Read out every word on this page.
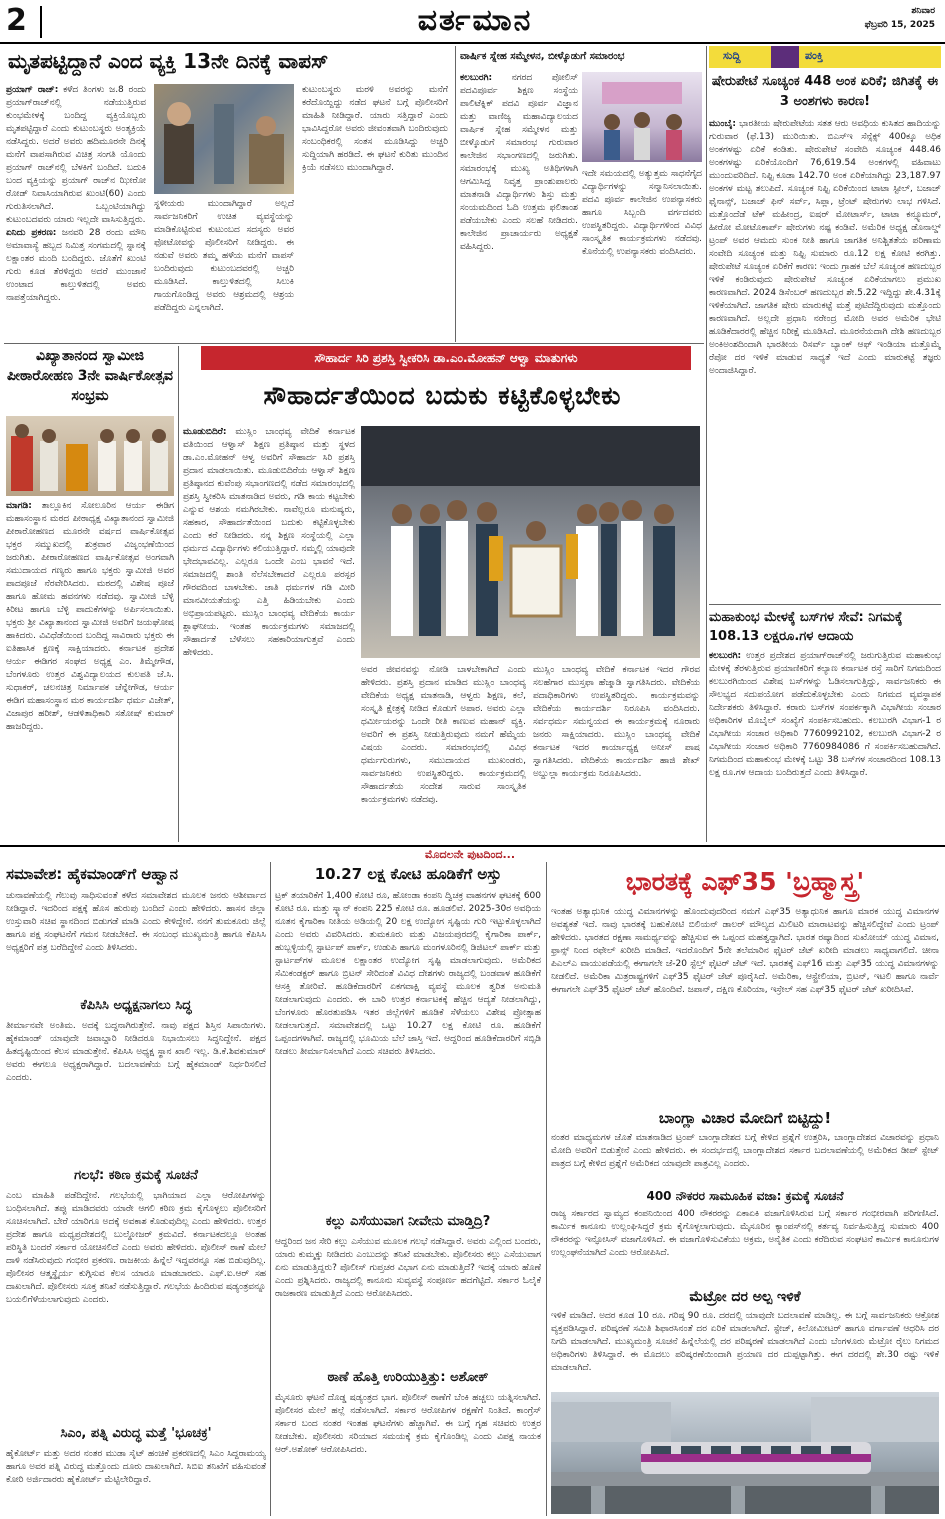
2	ವರ್ತಮಾನ	ಶನಿವಾರ
ಫೆಬ್ರವರಿ 15, 2025
ಮೃತಪಟ್ಟಿದ್ದಾನೆ ಎಂದ ವ್ಯಕ್ತಿ 13ನೇ ದಿನಕ್ಕೆ ವಾಪಸ್
ಪ್ರಯಾಗ್ ರಾಜ್: ಕಳೆದ ತಿಂಗಳು ಜ.8 ರಂದು ಪ್ರಯಾಗ್‌ರಾಜ್‌ನಲ್ಲಿ ನಡೆಯುತ್ತಿರುವ ಕುಂಭಮೇಳಕ್ಕೆ ಬಂದಿದ್ದ ವ್ಯಕ್ತಿಯೊಬ್ಬರು ಮೃತಪಟ್ಟಿದ್ದಾರೆ ಎಂದು ಕುಟುಂಬಸ್ಥರು ಅಂತ್ಯಕ್ರಿಯೆ ನಡೆಸಿದ್ದರು. ಅದರೆ ಅವರು ಹದಿಮೂರನೇ ದಿನಕ್ಕೆ ಮನೆಗೆ ವಾಪಸಾಗಿರುವ ವಿಚಿತ್ರ ಸಂಗತಿ ಯೊಂದು ಪ್ರಯಾಗ್ ರಾಜ್‌ನಲ್ಲಿ ಬೆಳಕಿಗೆ ಬಂದಿದೆ. ಬದುಕಿ ಬಂದ ವ್ಯಕ್ತಿಯನ್ನು ಪ್ರಯಾಗ್ ರಾಜ್‌ನ ಝೀರೋ ರೋಡ್ ನಿವಾಸಿಯಾಗಿರುವ ಖುಂಟಿ(60) ಎಂದು ಗುರುತಿಸಲಾಗಿದೆ. ಒಬ್ಬಂಟಿಯಾಗಿದ್ದು ಕುಟುಂಬದವರು ಯಾರು ಇಲ್ಲದೇ ವಾಸಿಸುತ್ತಿದ್ದರು.
ಏನಿದು ಪ್ರಕರಣ: ಜನವರಿ 28 ರಂದು ಮೌನಿ ಅಮಾವಾಸ್ಯೆ ಹಬ್ಬದ ನಿಮಿತ್ತ ಸಂಗಮದಲ್ಲಿ ಸ್ನಾನಕ್ಕೆ ಲಕ್ಷಾಂತರ ಮಂದಿ ಬಂದಿದ್ದರು. ಜೊತೆಗೆ ಖುಂಟಿ ಗುರು ಕೂಡ ತೆರಳಿದ್ದರು ಅದರೆ ಮುಂಜಾನೆ ಉಂಟಾದ ಕಾಲ್ತುಳಿತದಲ್ಲಿ ಅವರು ನಾಪತ್ತೆಯಾಗಿದ್ದರು.
ಸ್ಥಳೀಯರು ಮುಂದಾಗಿದ್ದಾರೆ ಅಲ್ಲದೆ ಸಾರ್ವಜನಿಕರಿಗೆ ಉಚಿತ ವ್ಯವಸ್ಥೆಯನ್ನು ಮಾಡಿಕೊಟ್ಟಿರುವ ಕುಟುಂಬದ ಸದಸ್ಯರು ಅವರ ಫೋಟೋವನ್ನು ಪೊಲೀಸರಿಗೆ ನೀಡಿದ್ದರು. ಈ ನಡುವೆ ಅವರು ತಮ್ಮ ಹಳೆಯ ಮನೆಗೆ ವಾಪಸ್ ಬಂದಿರುವುದು ಕುಟುಂಬದವರಲ್ಲಿ ಅಚ್ಚರಿ ಮೂಡಿಸಿದೆ. ಕಾಲ್ತುಳಿತದಲ್ಲಿ ಸಿಲುಕಿ ಗಾಯಗೊಂಡಿದ್ದ ಅವರು ಆಶ್ರಮದಲ್ಲಿ ಆಶ್ರಯ ಪಡೆದಿದ್ದರು ಎನ್ನಲಾಗಿದೆ.
ಕುಟುಂಬಸ್ಥರು ಮರಳಿ ಅವರನ್ನು ಮನೆಗೆ ಕರೆದೊಯ್ದಿದ್ದು ನಡೆದ ಘಟನೆ ಬಗ್ಗೆ ಪೊಲೀಸರಿಗೆ ಮಾಹಿತಿ ನೀಡಿದ್ದಾರೆ. ಯಾರು ಸತ್ತಿದ್ದಾರೆ ಎಂದು ಭಾವಿಸಿದ್ದರೋ ಅವರು ಜೀವಂತವಾಗಿ ಬಂದಿರುವುದು ಸಂಬಂಧಿಕರಲ್ಲಿ ಸಂತಸ ಮೂಡಿಸಿದ್ದು ಅಚ್ಚರಿ ಸುದ್ದಿಯಾಗಿ ಹರಡಿದೆ. ಈ ಘಟನೆ ಕುರಿತು ಮುಂದಿನ ಕ್ರಿಯೆ ನಡೆಸಲು ಮುಂದಾಗಿದ್ದಾರೆ.
ವಾರ್ಷಿಕ ಸ್ನೇಹ ಸಮ್ಮೇಳನ, ಬೀಳ್ಕೊಡುಗೆ ಸಮಾರಂಭ
ಕಲಬುರಗಿ: ನಗರದ ಪೋಲಿಸ್ ಪದವಿಪೂರ್ವ ಶಿಕ್ಷಣ ಸಂಸ್ಥೆಯ ಪಾಲಿಟೆಕ್ನಿಕ್ ಪದವಿ ಪೂರ್ವ ವಿಜ್ಞಾನ ಮತ್ತು ವಾಣಿಜ್ಯ ಮಹಾವಿದ್ಯಾಲಯದ ವಾರ್ಷಿಕ ಸ್ನೇಹ ಸಮ್ಮೇಳನ ಮತ್ತು ಬೀಳ್ಕೊಡುಗೆ ಸಮಾರಂಭ ಗುರುವಾರ ಕಾಲೇಜಿನ ಸಭಾಂಗಣದಲ್ಲಿ ಜರುಗಿತು. ಸಮಾರಂಭಕ್ಕೆ ಮುಖ್ಯ ಅತಿಥಿಗಳಾಗಿ ಆಗಮಿಸಿದ್ದ ನಿವೃತ್ತ ಪ್ರಾಂಶುಪಾಲರು ಮಾತನಾಡಿ ವಿದ್ಯಾರ್ಥಿಗಳು ಶಿಸ್ತು ಮತ್ತು ಸಂಯಮದಿಂದ ಓದಿ ಉತ್ತಮ ಫಲಿತಾಂಶ ಪಡೆಯಬೇಕು ಎಂದು ಸಲಹೆ ನೀಡಿದರು. ಕಾಲೇಜಿನ ಪ್ರಾಚಾರ್ಯರು ಅಧ್ಯಕ್ಷತೆ ವಹಿಸಿದ್ದರು.
ಇದೇ ಸಮಯದಲ್ಲಿ ಅತ್ಯುತ್ತಮ ಸಾಧನೆಗೈದ ವಿದ್ಯಾರ್ಥಿಗಳನ್ನು ಸನ್ಮಾನಿಸಲಾಯಿತು. ಪದವಿ ಪೂರ್ವ ಕಾಲೇಜಿನ ಉಪನ್ಯಾಸಕರು ಹಾಗೂ ಸಿಬ್ಬಂದಿ ವರ್ಗದವರು ಉಪಸ್ಥಿತರಿದ್ದರು. ವಿದ್ಯಾರ್ಥಿಗಳಿಂದ ವಿವಿಧ ಸಾಂಸ್ಕೃತಿಕ ಕಾರ್ಯಕ್ರಮಗಳು ನಡೆದವು. ಕೊನೆಯಲ್ಲಿ ಉಪನ್ಯಾಸಕರು ವಂದಿಸಿದರು.
ಸುದ್ದಿ	ಪಂಕ್ತಿ
ಷೇರುಪೇಟೆ ಸೂಚ್ಯಂಕ 448 ಅಂಕ ಏರಿಕೆ; ಜಿಗಿತಕ್ಕೆ ಈ 3 ಅಂಶಗಳು ಕಾರಣ!
ಮುಂಬೈ: ಭಾರತೀಯ ಷೇರುಪೇಟೆಯ ಸತತ ಆರು ಅವಧಿಯ ಕುಸಿತದ ಹಾದಿಯನ್ನು ಗುರುವಾರ (ಫೆ.13) ಮುರಿಯಿತು. ಬಿಎಸ್‌ಇ ಸೆನ್ಸೆಕ್ಸ್ 400ಕ್ಕೂ ಅಧಿಕ ಅಂಕಗಳಷ್ಟು ಏರಿಕೆ ಕಂಡಿತು. ಷೇರುಪೇಟೆ ಸಂವೇದಿ ಸೂಚ್ಯಂಕ 448.46 ಅಂಕಗಳಷ್ಟು ಏರಿಕೆಯೊಂದಿಗೆ 76,619.54 ಅಂಕಗಳಲ್ಲಿ ವಹಿವಾಟು ಮುಂದುವರಿದಿದೆ. ನಿಫ್ಟಿ ಕೂಡಾ 142.70 ಅಂಕ ಏರಿಕೆಯಾಗಿದ್ದು 23,187.97 ಅಂಕಗಳ ಮಟ್ಟ ತಲುಪಿದೆ. ಸೂಚ್ಯಂಕ ನಿಫ್ಟಿ ಏರಿಕೆಯಿಂದ ಟಾಟಾ ಸ್ಟೀಲ್, ಬಜಾಜ್ ಫೈನಾನ್ಸ್, ಬಜಾಜ್ ಫಿನ್ ಸರ್ವ್, ಸಿಪ್ಲಾ, ಟ್ರೆಂಟ್ ಷೇರುಗಳು ಲಾಭ ಗಳಿಸಿದೆ. ಮತ್ತೊಂದೆಡೆ ಟೆಕ್ ಮಹೀಂದ್ರ, ಐಷರ್ ಮೋಟಾರ್ಸ್, ಟಾಟಾ ಕನ್ಸ್ಯೂಮರ್, ಹೀರೋ ಮೋಟೊಕಾರ್ಪ್ ಷೇರುಗಳು ನಷ್ಟ ಕಂಡಿವೆ. ಅಮೆರಿಕ ಅಧ್ಯಕ್ಷ ಡೊನಾಲ್ಡ್ ಟ್ರಂಪ್ ಅವರ ಆಮದು ಸುಂಕ ನೀತಿ ಹಾಗೂ ಜಾಗತಿಕ ಅನಿಶ್ಚಿತತೆಯ ಪರಿಣಾಮ ಸಂವೇದಿ ಸೂಚ್ಯಂಕ ಮತ್ತು ನಿಫ್ಟಿ ಸುಮಾರು ರೂ.12 ಲಕ್ಷ ಕೋಟಿ ಕರಗಿತ್ತು. ಷೇರುಪೇಟೆ ಸೂಚ್ಯಂಕ ಏರಿಕೆಗೆ ಕಾರಣ: ಇಂದು ಗ್ರಾಹಕ ಬೆಲೆ ಸೂಚ್ಯಂಕ ಹಣದುಬ್ಬರ ಇಳಿಕೆ ಕಂಡಿರುವುದು ಷೇರುಪೇಟೆ ಸೂಚ್ಯಂಕ ಏರಿಕೆಯಾಗಲು ಪ್ರಮುಖ ಕಾರಣವಾಗಿದೆ. 2024 ಡಿಸೆಂಬರ್ ಹಣದುಬ್ಬರ ಶೇ.5.22 ಇದ್ದಿದ್ದು ಶೇ.4.31ಕ್ಕೆ ಇಳಿಕೆಯಾಗಿದೆ. ಜಾಗತಿಕ ಷೇರು ಮಾರುಕಟ್ಟೆ ಮತ್ತೆ ಪುಟಿದೆದ್ದಿರುವುದು ಮತ್ತೊಂದು ಕಾರಣವಾಗಿದೆ. ಅಲ್ಲದೇ ಪ್ರಧಾನಿ ನರೇಂದ್ರ ಮೋದಿ ಅವರ ಅಮೆರಿಕ ಭೇಟಿ ಹೂಡಿಕೆದಾರರಲ್ಲಿ ಹೆಚ್ಚಿನ ನಿರೀಕ್ಷೆ ಮೂಡಿಸಿದೆ. ಮೂರನೆಯದಾಗಿ ದೇಶಿ ಹಣದುಬ್ಬರ ಅಂಕಿಅಂಶದಿಂದಾಗಿ ಭಾರತೀಯ ರಿಸರ್ವ್ ಬ್ಯಾಂಕ್ ಆಫ್ ಇಂಡಿಯಾ ಮತ್ತೊಮ್ಮೆ ರೆಪೋ ದರ ಇಳಿಕೆ ಮಾಡುವ ಸಾಧ್ಯತೆ ಇದೆ ಎಂದು ಮಾರುಕಟ್ಟೆ ತಜ್ಞರು ಅಂದಾಜಿಸಿದ್ದಾರೆ.
ಮಹಾಕುಂಭ ಮೇಳಕ್ಕೆ ಬಸ್‌ಗಳ ಸೇವೆ: ನಿಗಮಕ್ಕೆ 108.13 ಲಕ್ಷರೂ.ಗಳ ಆದಾಯ
ಕಲಬುರಗಿ: ಉತ್ತರ ಪ್ರದೇಶದ ಪ್ರಯಾಗ್‌ರಾಜ್‌ನಲ್ಲಿ ಜರುಗುತ್ತಿರುವ ಮಹಾಕುಂಭ ಮೇಳಕ್ಕೆ ತೆರಳುತ್ತಿರುವ ಪ್ರಯಾಣಿಕರಿಗೆ ಕಲ್ಯಾಣ ಕರ್ನಾಟಕ ರಸ್ತೆ ಸಾರಿಗೆ ನಿಗಮದಿಂದ ಕಲಬುರಗಿಯಿಂದ ವಿಶೇಷ ಬಸ್‌ಗಳನ್ನು ಓಡಿಸಲಾಗುತ್ತಿದ್ದು, ಸಾರ್ವಜನಿಕರು ಈ ಸೌಲಭ್ಯದ ಸದುಪಯೋಗ ಪಡೆದುಕೊಳ್ಳಬೇಕು ಎಂದು ನಿಗಮದ ವ್ಯವಸ್ಥಾಪಕ ನಿರ್ದೇಶಕರು ತಿಳಿಸಿದ್ದಾರೆ. ಕರಾರು ಬಸ್‌ಗಳ ಸಂಪರ್ಕಕ್ಕಾಗಿ ವಿಭಾಗೀಯ ಸಂಚಾರ ಅಧಿಕಾರಿಗಳ ಮೊಬೈಲ್ ಸಂಖ್ಯೆಗೆ ಸಂಪರ್ಕಿಸಬಹುದು. ಕಲಬುರಗಿ ವಿಭಾಗ-1 ರ ವಿಭಾಗೀಯ ಸಂಚಾರ ಅಧಿಕಾರಿ 7760992102, ಕಲಬುರಗಿ ವಿಭಾಗ-2 ರ ವಿಭಾಗೀಯ ಸಂಚಾರ ಅಧಿಕಾರಿ 7760984086 ಗೆ ಸಂಪರ್ಕಿಸಬಹುದಾಗಿದೆ. ನಿಗಮದಿಂದ ಮಹಾಕುಂಭ ಮೇಳಕ್ಕೆ ಒಟ್ಟು 38 ಬಸ್‌ಗಳ ಸಂಚಾರದಿಂದ 108.13 ಲಕ್ಷ ರೂ.ಗಳ ಆದಾಯ ಬಂದಿರುತ್ತದೆ ಎಂದು ತಿಳಿಸಿದ್ದಾರೆ.
ವಿಖ್ಯಾತಾನಂದ ಸ್ವಾಮೀಜಿ ಪೀಠಾರೋಹಣ 3ನೇ ವಾರ್ಷಿಕೋತ್ಸವ ಸಂಭ್ರಮ
ಮಾಗಡಿ: ತಾಲ್ಲೂಕಿನ ಸೋಲೂರಿನ ಆರ್ಯ ಈಡಿಗ ಮಹಾಸಂಸ್ಥಾನ ಮಠದ ಪೀಠಾಧ್ಯಕ್ಷ ವಿಖ್ಯಾತಾನಂದ ಸ್ವಾಮೀಜಿ ಪೀಠಾರೋಹಣದ ಮೂರನೇ ವರ್ಷದ ವಾರ್ಷಿಕೋತ್ಸವ ಭಕ್ತರ ಸಮ್ಮುಖದಲ್ಲಿ ಶುಕ್ರವಾರ ವಿಜೃಂಭಣೆಯಿಂದ ಜರುಗಿತು. ಪೀಠಾರೋಹಣದ ವಾರ್ಷಿಕೋತ್ಸವ ಅಂಗವಾಗಿ ಸಮುದಾಯದ ಗಣ್ಯರು ಹಾಗೂ ಭಕ್ತರು ಸ್ವಾಮೀಜಿ ಅವರ ಪಾದಪೂಜೆ ನೆರವೇರಿಸಿದರು. ಮಠದಲ್ಲಿ ವಿಶೇಷ ಪೂಜೆ ಹಾಗೂ ಹೋಮ ಹವನಗಳು ನಡೆದವು. ಸ್ವಾಮೀಜಿ ಬೆಳ್ಳಿ ಕಿರೀಟ ಹಾಗೂ ಬೆಳ್ಳಿ ಪಾದುಕೆಗಳನ್ನು ಅರ್ಪಿಸಲಾಯಿತು. ಭಕ್ತರು ಶ್ರೀ ವಿಖ್ಯಾತಾನಂದ ಸ್ವಾಮೀಜಿ ಅವರಿಗೆ ಜಯಘೋಷ ಹಾಕಿದರು. ವಿವಿಧೆಡೆಯಿಂದ ಬಂದಿದ್ದ ಸಾವಿರಾರು ಭಕ್ತರು ಈ ಐತಿಹಾಸಿಕ ಕ್ಷಣಕ್ಕೆ ಸಾಕ್ಷಿಯಾದರು. ಕರ್ನಾಟಕ ಪ್ರದೇಶ ಆರ್ಯ ಈಡಿಗರ ಸಂಘದ ಅಧ್ಯಕ್ಷ ಎಂ. ತಿಮ್ಮೇಗೌಡ, ಬೆಂಗಳೂರು ಉತ್ತರ ವಿಶ್ವವಿದ್ಯಾಲಯದ ಕುಲಪತಿ ಜೆ.ಸಿ. ಸುಧಾಕರ್, ಚಲನಚಿತ್ರ ನಿರ್ಮಾಪಕ ಚೆನ್ನೇಗೌಡ, ಆರ್ಯ ಈಡಿಗ ಮಹಾಸಂಸ್ಥಾನ ಮಠ ಕಾರ್ಯದರ್ಶಿ ಧರ್ಮ ವಿಜೇತ್, ವಿಜಾಪುರ ಹರೀಶ್, ಆಡಳಿತಾಧಿಕಾರಿ ಸತೋಷ್ ಕುಮಾರ್ ಹಾಜರಿದ್ದರು.
ಸೌಹಾರ್ದ ಸಿರಿ ಪ್ರಶಸ್ತಿ ಸ್ವೀಕರಿಸಿ ಡಾ.ಎಂ.ಮೋಹನ್ ಆಳ್ವಾ ಮಾತುಗಳು
ಸೌಹಾರ್ದತೆಯಿಂದ ಬದುಕು ಕಟ್ಟಿಕೊಳ್ಳಬೇಕು
ಮೂಡುಬಿದಿರೆ: ಮುಸ್ಲಿಂ ಬಾಂಧವ್ಯ ವೇದಿಕೆ ಕರ್ನಾಟಕ ವತಿಯಿಂದ ಆಳ್ವಾಸ್ ಶಿಕ್ಷಣ ಪ್ರತಿಷ್ಠಾನ ಮತ್ತು ಸ್ಥಳದ ಡಾ.ಎಂ.ಮೋಹನ್ ಆಳ್ವ ಅವರಿಗೆ ಸೌಹಾರ್ದ ಸಿರಿ ಪ್ರಶಸ್ತಿ ಪ್ರದಾನ ಮಾಡಲಾಯಿತು. ಮೂಡುಬಿದಿರೆಯ ಆಳ್ವಾಸ್ ಶಿಕ್ಷಣ ಪ್ರತಿಷ್ಠಾನದ ಕುವೆಂಪು ಸಭಾಂಗಣದಲ್ಲಿ ನಡೆದ ಸಮಾರಂಭದಲ್ಲಿ ಪ್ರಶಸ್ತಿ ಸ್ವೀಕರಿಸಿ ಮಾತನಾಡಿದ ಅವರು, ಗಡಿ ಕಾಯ ಕಟ್ಟಬೇಕು ಎನ್ನುವ ಆಶಯ ನಮಗಿರಬೇಕು. ನಾವೆಲ್ಲರೂ ಮನುಷ್ಯರು, ಸಹಕಾರ, ಸೌಹಾರ್ದತೆಯಿಂದ ಬದುಕು ಕಟ್ಟಿಕೊಳ್ಳಬೇಕು ಎಂದು ಕರೆ ನೀಡಿದರು. ನನ್ನ ಶಿಕ್ಷಣ ಸಂಸ್ಥೆಯಲ್ಲಿ ಎಲ್ಲಾ ಧರ್ಮದ ವಿದ್ಯಾರ್ಥಿಗಳು ಕಲಿಯುತ್ತಿದ್ದಾರೆ. ನಮ್ಮಲ್ಲಿ ಯಾವುದೇ ಭೇದಭಾವವಿಲ್ಲ. ಎಲ್ಲರೂ ಒಂದೇ ಎಂಬ ಭಾವನೆ ಇದೆ. ಸಮಾಜದಲ್ಲಿ ಶಾಂತಿ ನೆಲೆಸಬೇಕಾದರೆ ಎಲ್ಲರೂ ಪರಸ್ಪರ ಗೌರವದಿಂದ ಬಾಳಬೇಕು. ಜಾತಿ ಧರ್ಮಗಳ ಗಡಿ ಮೀರಿ ಮಾನವೀಯತೆಯನ್ನು ಎತ್ತಿ ಹಿಡಿಯಬೇಕು ಎಂದು ಅಭಿಪ್ರಾಯಪಟ್ಟರು. ಮುಸ್ಲಿಂ ಬಾಂಧವ್ಯ ವೇದಿಕೆಯ ಕಾರ್ಯ ಶ್ಲಾಘನೀಯ. ಇಂತಹ ಕಾರ್ಯಕ್ರಮಗಳು ಸಮಾಜದಲ್ಲಿ ಸೌಹಾರ್ದತೆ ಬೆಳೆಸಲು ಸಹಕಾರಿಯಾಗುತ್ತವೆ ಎಂದು ಹೇಳಿದರು.
ಅವರ ಜೀವನವನ್ನು ನೋಡಿ ಬಾಳಬೇಕಾಗಿದೆ ಎಂದು ಹೇಳಿದರು. ಪ್ರಶಸ್ತಿ ಪ್ರದಾನ ಮಾಡಿದ ಮುಸ್ಲಿಂ ಬಾಂಧವ್ಯ ವೇದಿಕೆಯ ಅಧ್ಯಕ್ಷ ಮಾತನಾಡಿ, ಆಳ್ವರು ಶಿಕ್ಷಣ, ಕಲೆ, ಸಂಸ್ಕೃತಿ ಕ್ಷೇತ್ರಕ್ಕೆ ನೀಡಿದ ಕೊಡುಗೆ ಅಪಾರ. ಅವರು ಎಲ್ಲಾ ಧರ್ಮೀಯರನ್ನು ಒಂದೇ ರೀತಿ ಕಾಣುವ ಮಹಾನ್ ವ್ಯಕ್ತಿ. ಅವರಿಗೆ ಈ ಪ್ರಶಸ್ತಿ ನೀಡುತ್ತಿರುವುದು ನಮಗೆ ಹೆಮ್ಮೆಯ ವಿಷಯ ಎಂದರು. ಸಮಾರಂಭದಲ್ಲಿ ವಿವಿಧ ಧರ್ಮಗುರುಗಳು, ಸಮುದಾಯದ ಮುಖಂಡರು, ಸಾರ್ವಜನಿಕರು ಉಪಸ್ಥಿತರಿದ್ದರು. ಕಾರ್ಯಕ್ರಮದಲ್ಲಿ ಸೌಹಾರ್ದತೆಯ ಸಂದೇಶ ಸಾರುವ ಸಾಂಸ್ಕೃತಿಕ ಕಾರ್ಯಕ್ರಮಗಳು ನಡೆದವು.
ಮುಸ್ಲಿಂ ಬಾಂಧವ್ಯ ವೇದಿಕೆ ಕರ್ನಾಟಕ ಇದರ ಗೌರವ ಸಲಹೆಗಾರ ಮುಸ್ತಫಾ ಹೆಜ್ಮಾಡಿ ಸ್ವಾಗತಿಸಿದರು. ವೇದಿಕೆಯ ಪದಾಧಿಕಾರಿಗಳು ಉಪಸ್ಥಿತರಿದ್ದರು. ಕಾರ್ಯಕ್ರಮವನ್ನು ವೇದಿಕೆಯ ಕಾರ್ಯದರ್ಶಿ ನಿರೂಪಿಸಿ ವಂದಿಸಿದರು. ಸರ್ವಧರ್ಮ ಸಮನ್ವಯದ ಈ ಕಾರ್ಯಕ್ರಮಕ್ಕೆ ನೂರಾರು ಜನರು ಸಾಕ್ಷಿಯಾದರು. ಮುಸ್ಲಿಂ ಬಾಂಧವ್ಯ ವೇದಿಕೆ ಕರ್ನಾಟಕ ಇದರ ಕಾರ್ಯಾಧ್ಯಕ್ಷ ಅನೀಸ್ ಪಾಷ ಸ್ವಾಗತಿಸಿದರು. ವೇದಿಕೆಯ ಕಾರ್ಯದರ್ಶಿ ಹಾಜಿ ಶೇಖ್ ಅಬ್ದುಲ್ಲಾ ಕಾರ್ಯಕ್ರಮ ನಿರೂಪಿಸಿದರು.
ಮೊದಲನೇ ಪುಟದಿಂದ...
ಸಮಾವೇಶ: ಹೈಕಮಾಂಡ್‌ಗೆ ಆಹ್ವಾನ
ಚುನಾವಣೆಯಲ್ಲಿ ಗೆಲುವು ಸಾಧಿಸುವಂತೆ ಕಳೆದ ಸಮಾವೇಶದ ಮೂಲಕ ಜನರು ಆಶೀರ್ವಾದ ನೀಡಿದ್ದಾರೆ. ಇದರಿಂದ ಪಕ್ಷಕ್ಕೆ ಹೊಸ ಹುರುಪು ಬಂದಿದೆ ಎಂದು ಹೇಳಿದರು. ಹಾಸನ ಜಿಲ್ಲಾ ಉಸ್ತುವಾರಿ ಸಚಿವ ಸ್ಥಾನದಿಂದ ಬಿಡುಗಡೆ ಮಾಡಿ ಎಂದು ಕೇಳಿದ್ದೇನೆ. ನನಗೆ ತುಮಕೂರು ಜಿಲ್ಲೆ ಹಾಗೂ ಪಕ್ಷ ಸಂಘಟನೆಗೆ ಗಮನ ನೀಡಬೇಕಿದೆ. ಈ ಸಂಬಂಧ ಮುಖ್ಯಮಂತ್ರಿ ಹಾಗೂ ಕೆಪಿಸಿಸಿ ಅಧ್ಯಕ್ಷರಿಗೆ ಪತ್ರ ಬರೆದಿದ್ದೇನೆ ಎಂದು ತಿಳಿಸಿದರು.
ಕೆಪಿಸಿಸಿ ಅಧ್ಯಕ್ಷನಾಗಲು ಸಿದ್ಧ
ತೀರ್ಮಾನವೇ ಅಂತಿಮ. ಅದಕ್ಕೆ ಬದ್ಧನಾಗಿರುತ್ತೇನೆ. ನಾವು ಪಕ್ಷದ ಶಿಸ್ತಿನ ಸಿಪಾಯಿಗಳು. ಹೈಕಮಾಂಡ್ ಯಾವುದೇ ಜವಾಬ್ದಾರಿ ನೀಡಿದರೂ ನಿಭಾಯಿಸಲು ಸಿದ್ಧನಿದ್ದೇನೆ. ಪಕ್ಷದ ಹಿತದೃಷ್ಟಿಯಿಂದ ಕೆಲಸ ಮಾಡುತ್ತೇನೆ. ಕೆಪಿಸಿಸಿ ಅಧ್ಯಕ್ಷ ಸ್ಥಾನ ಖಾಲಿ ಇಲ್ಲ. ಡಿ.ಕೆ.ಶಿವಕುಮಾರ್ ಅವರು ಈಗಲೂ ಅಧ್ಯಕ್ಷರಾಗಿದ್ದಾರೆ. ಬದಲಾವಣೆಯ ಬಗ್ಗೆ ಹೈಕಮಾಂಡ್ ನಿರ್ಧರಿಸಲಿದೆ ಎಂದರು.
ಗಲಭೆ: ಕಠಿಣ ಕ್ರಮಕ್ಕೆ ಸೂಚನೆ
ಎಂಬ ಮಾಹಿತಿ ಪಡೆದಿದ್ದೇನೆ. ಗಲಭೆಯಲ್ಲಿ ಭಾಗಿಯಾದ ಎಲ್ಲಾ ಆರೋಪಿಗಳನ್ನು ಬಂಧಿಸಲಾಗಿದೆ. ತಪ್ಪು ಮಾಡಿದವರು ಯಾರೇ ಆಗಲಿ ಕಠಿಣ ಕ್ರಮ ಕೈಗೊಳ್ಳಲು ಪೊಲೀಸರಿಗೆ ಸೂಚಿಸಲಾಗಿದೆ. ಬೇರೆ ಯಾರಿಗೂ ಅದಕ್ಕೆ ಅವಕಾಶ ಕೊಡುವುದಿಲ್ಲ ಎಂದು ಹೇಳಿದರು. ಉತ್ತರ ಪ್ರದೇಶ ಹಾಗೂ ಮಧ್ಯಪ್ರದೇಶದಲ್ಲಿ ಬುಲ್ಡೋಜರ್ ಕ್ರಮವಿದೆ. ಕರ್ನಾಟಕದಲ್ಲೂ ಅಂತಹ ಪರಿಸ್ಥಿತಿ ಬಂದರೆ ಸರ್ಕಾರ ಯೋಚಿಸಲಿದೆ ಎಂದು ಅವರು ಹೇಳಿದರು. ಪೊಲೀಸ್ ಠಾಣೆ ಮೇಲೆ ದಾಳಿ ನಡೆಸಿರುವುದು ಗಂಭೀರ ಪ್ರಕರಣ. ರಾಜಕೀಯ ಹಿನ್ನೆಲೆ ಇದ್ದವರನ್ನೂ ಸಹ ಬಿಡುವುದಿಲ್ಲ. ಪೊಲೀಸರ ಆತ್ಮಸ್ಥೈರ್ಯ ಕುಗ್ಗಿಸುವ ಕೆಲಸ ಯಾರೂ ಮಾಡಬಾರದು. ಎಫ್.ಐ.ಆರ್ ಸಹ ದಾಖಲಾಗಿದೆ. ಪೊಲೀಸರು ಸೂಕ್ತ ತನಿಖೆ ನಡೆಸುತ್ತಿದ್ದಾರೆ. ಗಲಭೆಯ ಹಿಂದಿರುವ ಷಡ್ಯಂತ್ರವನ್ನೂ ಬಯಲಿಗೆಳೆಯಲಾಗುವುದು ಎಂದರು.
ಸಿಎಂ, ಪತ್ನಿ ವಿರುದ್ಧ ಮತ್ತೆ 'ಭೂಚಕ್ರ'
ಹೈಕೋರ್ಟ್ ಮತ್ತು ಅದರ ನಂತರ ಮುಡಾ ಸೈಟ್ ಹಂಚಿಕೆ ಪ್ರಕರಣದಲ್ಲಿ ಸಿಎಂ ಸಿದ್ದರಾಮಯ್ಯ ಹಾಗೂ ಅವರ ಪತ್ನಿ ವಿರುದ್ಧ ಮತ್ತೊಂದು ದೂರು ದಾಖಲಾಗಿದೆ. ಸಿಬಿಐ ತನಿಖೆಗೆ ವಹಿಸುವಂತೆ ಕೋರಿ ಅರ್ಜಿದಾರರು ಹೈಕೋರ್ಟ್ ಮೆಟ್ಟಿಲೇರಿದ್ದಾರೆ.
10.27 ಲಕ್ಷ ಕೋಟಿ ಹೂಡಿಕೆಗೆ ಅಸ್ತು
ಟ್ರಕ್ ತಯಾರಿಕೆಗೆ 1,400 ಕೋಟಿ ರೂ, ಹೋಂಡಾ ಕಂಪನಿ ದ್ವಿಚಕ್ರ ವಾಹನಗಳ ಘಟಕಕ್ಕೆ 600 ಕೋಟಿ ರೂ. ಮತ್ತು ಸ್ಕ್ಯಾನ್ ಕಂಪನಿ 225 ಕೋಟಿ ರೂ. ಹೂಡಲಿವೆ. 2025-30ರ ಅವಧಿಯ ನೂತನ ಕೈಗಾರಿಕಾ ನೀತಿಯ ಅಡಿಯಲ್ಲಿ 20 ಲಕ್ಷ ಉದ್ಯೋಗ ಸೃಷ್ಟಿಯ ಗುರಿ ಇಟ್ಟುಕೊಳ್ಳಲಾಗಿದೆ ಎಂದು ಅವರು ವಿವರಿಸಿದರು. ತುಮಕೂರು ಮತ್ತು ವಿಜಯಪುರದಲ್ಲಿ ಕೈಗಾರಿಕಾ ಪಾರ್ಕ್, ಹುಬ್ಬಳ್ಳಿಯಲ್ಲಿ ಸ್ಟಾರ್ಟಪ್ ಪಾರ್ಕ್, ಉಡುಪಿ ಹಾಗೂ ಮಂಗಳೂರಿನಲ್ಲಿ ಡಿಜಿಟಲ್ ಪಾರ್ಕ್ ಮತ್ತು ಸ್ಟಾರ್ಟಪ್‌ಗಳ ಮೂಲಕ ಲಕ್ಷಾಂತರ ಉದ್ಯೋಗ ಸೃಷ್ಟಿ ಮಾಡಲಾಗುವುದು. ಅಮೆರಿಕದ ಸೆಮಿಕಂಡಕ್ಟರ್ ಹಾಗೂ ಬ್ರಿಟನ್ ಸೇರಿದಂತೆ ವಿವಿಧ ದೇಶಗಳು ರಾಜ್ಯದಲ್ಲಿ ಬಂಡವಾಳ ಹೂಡಿಕೆಗೆ ಆಸಕ್ತಿ ತೋರಿವೆ. ಹೂಡಿಕೆದಾರರಿಗೆ ಏಕಗವಾಕ್ಷಿ ವ್ಯವಸ್ಥೆ ಮೂಲಕ ತ್ವರಿತ ಅನುಮತಿ ನೀಡಲಾಗುವುದು ಎಂದರು. ಈ ಬಾರಿ ಉತ್ತರ ಕರ್ನಾಟಕಕ್ಕೆ ಹೆಚ್ಚಿನ ಆದ್ಯತೆ ನೀಡಲಾಗಿದ್ದು, ಬೆಂಗಳೂರು ಹೊರತುಪಡಿಸಿ ಇತರ ಜಿಲ್ಲೆಗಳಿಗೆ ಹೂಡಿಕೆ ಸೆಳೆಯಲು ವಿಶೇಷ ಪ್ರೋತ್ಸಾಹ ನೀಡಲಾಗುತ್ತದೆ. ಸಮಾವೇಶದಲ್ಲಿ ಒಟ್ಟು 10.27 ಲಕ್ಷ ಕೋಟಿ ರೂ. ಹೂಡಿಕೆಗೆ ಒಪ್ಪಂದಗಳಾಗಿವೆ. ರಾಜ್ಯದಲ್ಲಿ ಭೂಮಿಯ ಬೆಲೆ ಜಾಸ್ತಿ ಇದೆ. ಆದ್ದರಿಂದ ಹೂಡಿಕೆದಾರರಿಗೆ ಸಬ್ಸಿಡಿ ನೀಡಲು ತೀರ್ಮಾನಿಸಲಾಗಿದೆ ಎಂದು ಸಚಿವರು ತಿಳಿಸಿದರು.
ಕಲ್ಲು ಎಸೆಯುವಾಗ ನೀವೇನು ಮಾಡ್ತಿದ್ರಿ?
ಆದ್ದರಿಂದ ಜನ ಸೇರಿ ಕಲ್ಲು ಎಸೆಯುವ ಮೂಲಕ ಗಲಭೆ ನಡೆಸಿದ್ದಾರೆ. ಅವರು ಎಲ್ಲಿಂದ ಬಂದರು, ಯಾರು ಕುಮ್ಮಕ್ಕು ನೀಡಿದರು ಎಂಬುದನ್ನು ತನಿಖೆ ಮಾಡಬೇಕು. ಪೊಲೀಸರು ಕಲ್ಲು ಎಸೆಯುವಾಗ ಏನು ಮಾಡುತ್ತಿದ್ದರು? ಪೊಲೀಸ್ ಗುಪ್ತಚರ ವಿಭಾಗ ಏನು ಮಾಡುತ್ತಿದೆ? ಇದಕ್ಕೆ ಯಾರು ಹೊಣೆ ಎಂದು ಪ್ರಶ್ನಿಸಿದರು. ರಾಜ್ಯದಲ್ಲಿ ಕಾನೂನು ಸುವ್ಯವಸ್ಥೆ ಸಂಪೂರ್ಣ ಹದಗೆಟ್ಟಿದೆ. ಸರ್ಕಾರ ಓಲೈಕೆ ರಾಜಕಾರಣ ಮಾಡುತ್ತಿದೆ ಎಂದು ಆರೋಪಿಸಿದರು.
ಠಾಣೆ ಹೊತ್ತಿ ಉರಿಯುತ್ತಿತ್ತು: ಅಶೋಕ್
ಮೈಸೂರು ಘಟನೆ ದೊಡ್ಡ ಷಡ್ಯಂತ್ರದ ಭಾಗ. ಪೊಲೀಸ್ ಠಾಣೆಗೆ ಬೆಂಕಿ ಹಚ್ಚಲು ಯತ್ನಿಸಲಾಗಿದೆ. ಪೊಲೀಸರ ಮೇಲೆ ಹಲ್ಲೆ ನಡೆಸಲಾಗಿದೆ. ಸರ್ಕಾರ ಆರೋಪಿಗಳ ರಕ್ಷಣೆಗೆ ನಿಂತಿದೆ. ಕಾಂಗ್ರೆಸ್ ಸರ್ಕಾರ ಬಂದ ನಂತರ ಇಂತಹ ಘಟನೆಗಳು ಹೆಚ್ಚಾಗಿವೆ. ಈ ಬಗ್ಗೆ ಗೃಹ ಸಚಿವರು ಉತ್ತರ ನೀಡಬೇಕು. ಪೊಲೀಸರು ಸರಿಯಾದ ಸಮಯಕ್ಕೆ ಕ್ರಮ ಕೈಗೊಂಡಿಲ್ಲ ಎಂದು ವಿಪಕ್ಷ ನಾಯಕ ಆರ್.ಅಶೋಕ್ ಆರೋಪಿಸಿದರು.
ಭಾರತಕ್ಕೆ ಎಫ್35 'ಬ್ರಹ್ಮಾಸ್ತ್ರ'
ಇಂತಹ ಅತ್ಯಾಧುನಿಕ ಯುದ್ಧ ವಿಮಾನಗಳನ್ನು ಹೊಂದುವುದರಿಂದ ನಮಗೆ ಎಫ್35 ಅತ್ಯಾಧುನಿಕ ಹಾಗೂ ಮಾರಕ ಯುದ್ಧ ವಿಮಾನಗಳ ಅವಶ್ಯಕತೆ ಇದೆ. ನಾವು ಭಾರತಕ್ಕೆ ಬಹುಕೋಟಿ ಬಿಲಿಯನ್ ಡಾಲರ್ ಮೌಲ್ಯದ ಮಿಲಿಟರಿ ಮಾರಾಟವನ್ನು ಹೆಚ್ಚಿಸಲಿದ್ದೇವೆ ಎಂದು ಟ್ರಂಪ್ ಹೇಳಿದರು. ಭಾರತದ ರಕ್ಷಣಾ ಸಾಮರ್ಥ್ಯವನ್ನು ಹೆಚ್ಚಿಸುವ ಈ ಒಪ್ಪಂದ ಮಹತ್ವದ್ದಾಗಿದೆ. ಭಾರತ ರಷ್ಯಾದಿಂದ ಸುಖೋಯ್ ಯುದ್ಧ ವಿಮಾನ, ಫ್ರಾನ್ಸ್ ನಿಂದ ರಫೇಲ್ ಖರೀದಿ ಮಾಡಿದೆ. ಇದರೊಂದಿಗೆ 5ನೇ ತಲೆಮಾರಿನ ಫೈಟರ್ ಜೆಟ್ ಖರೀದಿ ಮಾಡಲು ಸಾಧ್ಯವಾಗಲಿದೆ. ಚೀನಾ ಪಿಎಲ್‌ಎ ವಾಯುಪಡೆಯಲ್ಲಿ ಈಗಾಗಲೇ ಜೆ-20 ಸ್ಟೆಲ್ತ್ ಫೈಟರ್ ಜೆಟ್ ಇದೆ. ಭಾರತಕ್ಕೆ ಎಫ್‌16 ಮತ್ತು ಎಫ್‌35 ಯುದ್ಧ ವಿಮಾನಗಳನ್ನು ನೀಡಲಿದೆ. ಅಮೆರಿಕಾ ಮಿತ್ರರಾಷ್ಟ್ರಗಳಿಗೆ ಎಫ್35 ಫೈಟರ್ ಜೆಟ್ ಪೂರೈಸಿದೆ. ಅಮೆರಿಕಾ, ಆಸ್ಟ್ರೇಲಿಯಾ, ಬ್ರಿಟನ್, ಇಟಲಿ ಹಾಗೂ ನಾರ್ವೆ ಈಗಾಗಲೇ ಎಫ್35 ಫೈಟರ್ ಜೆಟ್ ಹೊಂದಿವೆ. ಜಪಾನ್, ದಕ್ಷಿಣ ಕೊರಿಯಾ, ಇಸ್ರೇಲ್ ಸಹ ಎಫ್35 ಫೈಟರ್ ಜೆಟ್ ಖರೀದಿಸಿವೆ.
ಬಾಂಗ್ಲಾ ವಿಚಾರ ಮೋದಿಗೆ ಬಿಟ್ಟಿದ್ದು!
ನಂತರ ಮಾಧ್ಯಮಗಳ ಜೊತೆ ಮಾತನಾಡಿದ ಟ್ರಂಪ್ ಬಾಂಗ್ಲಾದೇಶದ ಬಗ್ಗೆ ಕೇಳಿದ ಪ್ರಶ್ನೆಗೆ ಉತ್ತರಿಸಿ, ಬಾಂಗ್ಲಾದೇಶದ ವಿಚಾರವನ್ನು ಪ್ರಧಾನಿ ಮೋದಿ ಅವರಿಗೆ ಬಿಡುತ್ತೇನೆ ಎಂದು ಹೇಳಿದರು. ಈ ಸಂದರ್ಭದಲ್ಲಿ ಬಾಂಗ್ಲಾದೇಶದ ಸರ್ಕಾರ ಬದಲಾವಣೆಯಲ್ಲಿ ಅಮೆರಿಕದ ಡೀಪ್ ಸ್ಟೇಟ್ ಪಾತ್ರದ ಬಗ್ಗೆ ಕೇಳಿದ ಪ್ರಶ್ನೆಗೆ ಅಮೆರಿಕದ ಯಾವುದೇ ಪಾತ್ರವಿಲ್ಲ ಎಂದರು.
400 ನೌಕರರ ಸಾಮೂಹಿಕ ವಜಾ: ಕ್ರಮಕ್ಕೆ ಸೂಚನೆ
ರಾಜ್ಯ ಸರ್ಕಾರದ ಸ್ವಾಮ್ಯದ ಕಂಪನಿಯಿಂದ 400 ನೌಕರರನ್ನು ಏಕಾಏಕಿ ವಜಾಗೊಳಿಸಿರುವ ಬಗ್ಗೆ ಸರ್ಕಾರ ಗಂಭೀರವಾಗಿ ಪರಿಗಣಿಸಿದೆ. ಕಾರ್ಮಿಕ ಕಾನೂನು ಉಲ್ಲಂಘಿಸಿದ್ದರೆ ಕ್ರಮ ಕೈಗೊಳ್ಳಲಾಗುವುದು. ಮೈಸೂರಿನ ಕ್ಯಾಂಪಸ್‌ನಲ್ಲಿ ಕರ್ತವ್ಯ ನಿರ್ವಹಿಸುತ್ತಿದ್ದ ಸುಮಾರು 400 ನೌಕರರನ್ನು ಇನ್ಫೋಸಿಸ್ ವಜಾಗೊಳಿಸಿದೆ. ಈ ವಜಾಗೊಳಿಸುವಿಕೆಯು ಅಕ್ರಮ, ಅನೈತಿಕ ಎಂದು ಕರೆದಿರುವ ಸಂಘಟನೆ ಕಾರ್ಮಿಕ ಕಾನೂನುಗಳ ಉಲ್ಲಂಘನೆಯಾಗಿದೆ ಎಂದು ಆರೋಪಿಸಿದೆ.
ಮೆಟ್ರೋ ದರ ಅಲ್ಪ ಇಳಿಕೆ
ಇಳಿಕೆ ಮಾಡಿದೆ. ಅದರ ಕೂಡ 10 ರೂ. ಗರಿಷ್ಠ 90 ರೂ. ದರದಲ್ಲಿ ಯಾವುದೇ ಬದಲಾವಣೆ ಮಾಡಿಲ್ಲ. ಈ ಬಗ್ಗೆ ಸಾರ್ವಜನಿಕರು ಆಕ್ರೋಶ ವ್ಯಕ್ತಪಡಿಸಿದ್ದಾರೆ. ಪರಿಷ್ಕರಣೆ ಸಮಿತಿ ಶಿಫಾರಸಿನಂತೆ ದರ ಏರಿಕೆ ಮಾಡಲಾಗಿದೆ. ಸ್ಟೇಜ್, ಕಿಲೋಮೀಟರ್ ಹಾಗೂ ವರ್ಗಾವಣೆ ಆಧರಿಸಿ ದರ ನಿಗದಿ ಮಾಡಲಾಗಿದೆ. ಮುಖ್ಯಮಂತ್ರಿ ಸೂಚನೆ ಹಿನ್ನೆಲೆಯಲ್ಲಿ ದರ ಪರಿಷ್ಕರಣೆ ಮಾಡಲಾಗಿದೆ ಎಂದು ಬೆಂಗಳೂರು ಮೆಟ್ರೋ ರೈಲು ನಿಗಮದ ಅಧಿಕಾರಿಗಳು ತಿಳಿಸಿದ್ದಾರೆ. ಈ ಮೊದಲು ಪರಿಷ್ಕರಣೆಯಿಂದಾಗಿ ಪ್ರಯಾಣ ದರ ದುಪ್ಪಟ್ಟಾಗಿತ್ತು. ಈಗ ದರದಲ್ಲಿ ಶೇ.30 ರಷ್ಟು ಇಳಿಕೆ ಮಾಡಲಾಗಿದೆ.
